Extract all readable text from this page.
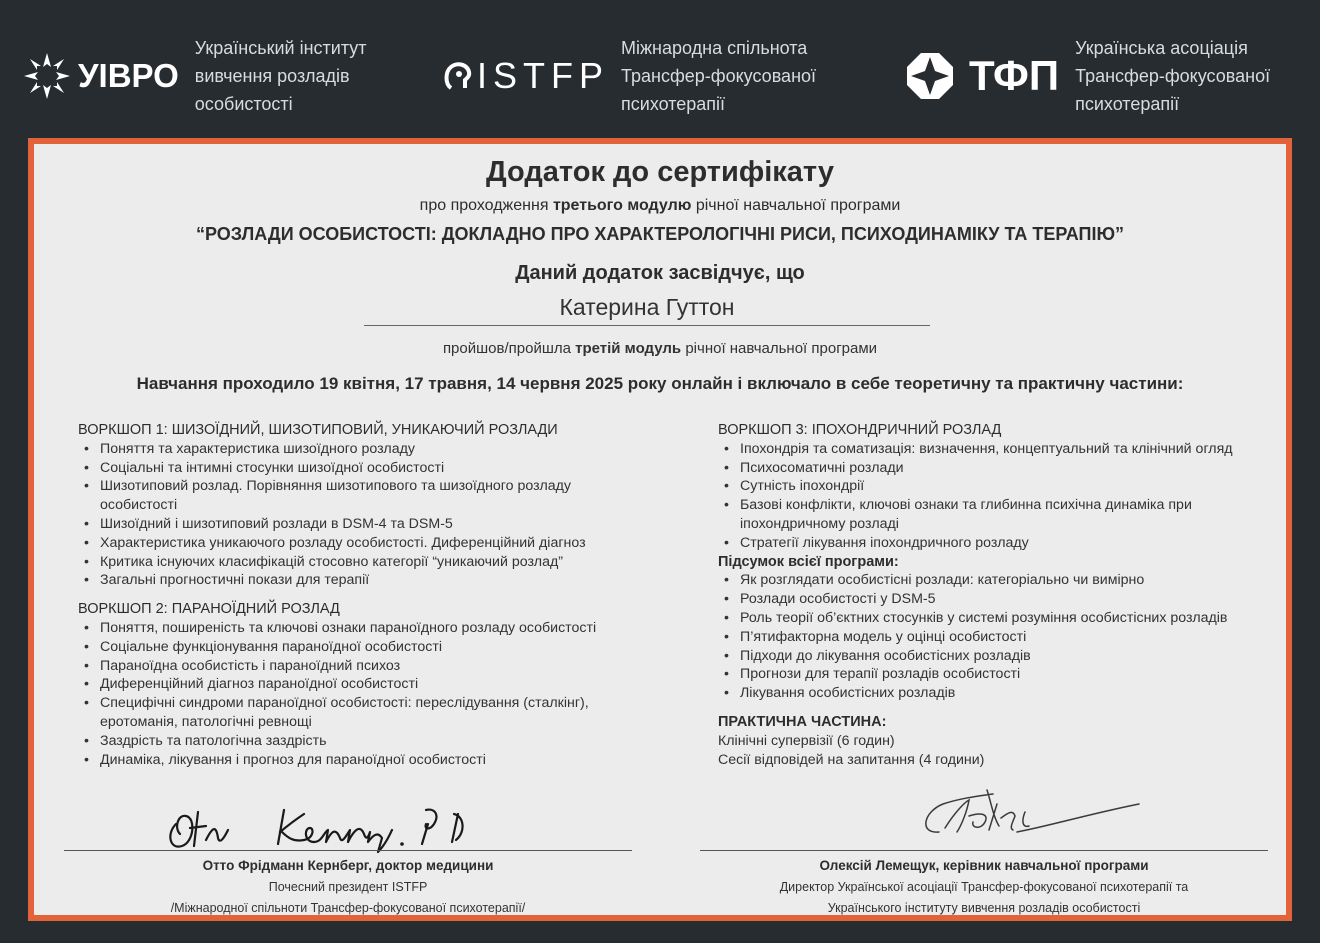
УІВРО
Український інститут
вивчення розладів
особистості
ISTFP
Міжнародна спільнота
Трансфер-фокусованої
психотерапії
ТФП
Українська асоціація
Трансфер-фокусованої
психотерапії
Додаток до сертифікату
про проходження третього модулю річної навчальної програми
“РОЗЛАДИ ОСОБИСТОСТІ: ДОКЛАДНО ПРО ХАРАКТЕРОЛОГІЧНІ РИСИ, ПСИХОДИНАМІКУ ТА ТЕРАПІЮ”
Даний додаток засвідчує, що
Катерина Гуттон
пройшов/пройшла третій модуль річної навчальної програми
Навчання проходило 19 квітня, 17 травня, 14 червня 2025 року онлайн і включало в себе теоретичну та практичну частини:
ВОРКШОП 1: ШИЗОЇДНИЙ, ШИЗОТИПОВИЙ, УНИКАЮЧИЙ РОЗЛАДИ
• Поняття та характеристика шизоїдного розладу
• Соціальні та інтимні стосунки шизоїдної особистості
• Шизотиповий розлад. Порівняння шизотипового та шизоїдного розладу особистості
• Шизоїдний і шизотиповий розлади в DSM-4 та DSM-5
• Характеристика уникаючого розладу особистості. Диференційний діагноз
• Критика існуючих класифікацій стосовно категорії “уникаючий розлад”
• Загальні прогностичні покази для терапії
ВОРКШОП 2: ПАРАНОЇДНИЙ РОЗЛАД
• Поняття, поширеність та ключові ознаки параноїдного розладу особистості
• Соціальне функціонування параноїдної особистості
• Параноїдна особистість і параноїдний психоз
• Диференційний діагноз параноїдної особистості
• Специфічні синдроми параноїдної особистості: переслідування (сталкінг), еротоманія, патологічні ревнощі
• Заздрість та патологічна заздрість
• Динаміка, лікування і прогноз для параноїдної особистості
ВОРКШОП 3: ІПОХОНДРИЧНИЙ РОЗЛАД
• Іпохондрія та соматизація: визначення, концептуальний та клінічний огляд
• Психосоматичні розлади
• Сутність іпохондрії
• Базові конфлікти, ключові ознаки та глибинна психічна динаміка при іпохондричному розладі
• Стратегії лікування іпохондричного розладу
Підсумок всієї програми:
• Як розглядати особистісні розлади: категоріально чи вимірно
• Розлади особистості у DSM-5
• Роль теорії об’єктних стосунків у системі розуміння особистісних розладів
• П’ятифакторна модель у оцінці особистості
• Підходи до лікування особистісних розладів
• Прогнози для терапії розладів особистості
• Лікування особистісних розладів
ПРАКТИЧНА ЧАСТИНА:

Клінічні супервізії (6 годин)

Сесії відповідей на запитання (4 години)

Отто Фрідманн Кернберг, доктор медицини
Почесний президент ISTFP
/Міжнародної спільноти Трансфер-фокусованої психотерапії/
Олексій Лемещук, керівник навчальної програми
Директор Української асоціації Трансфер-фокусованої психотерапії та
Українського інституту вивчення розладів особистості
